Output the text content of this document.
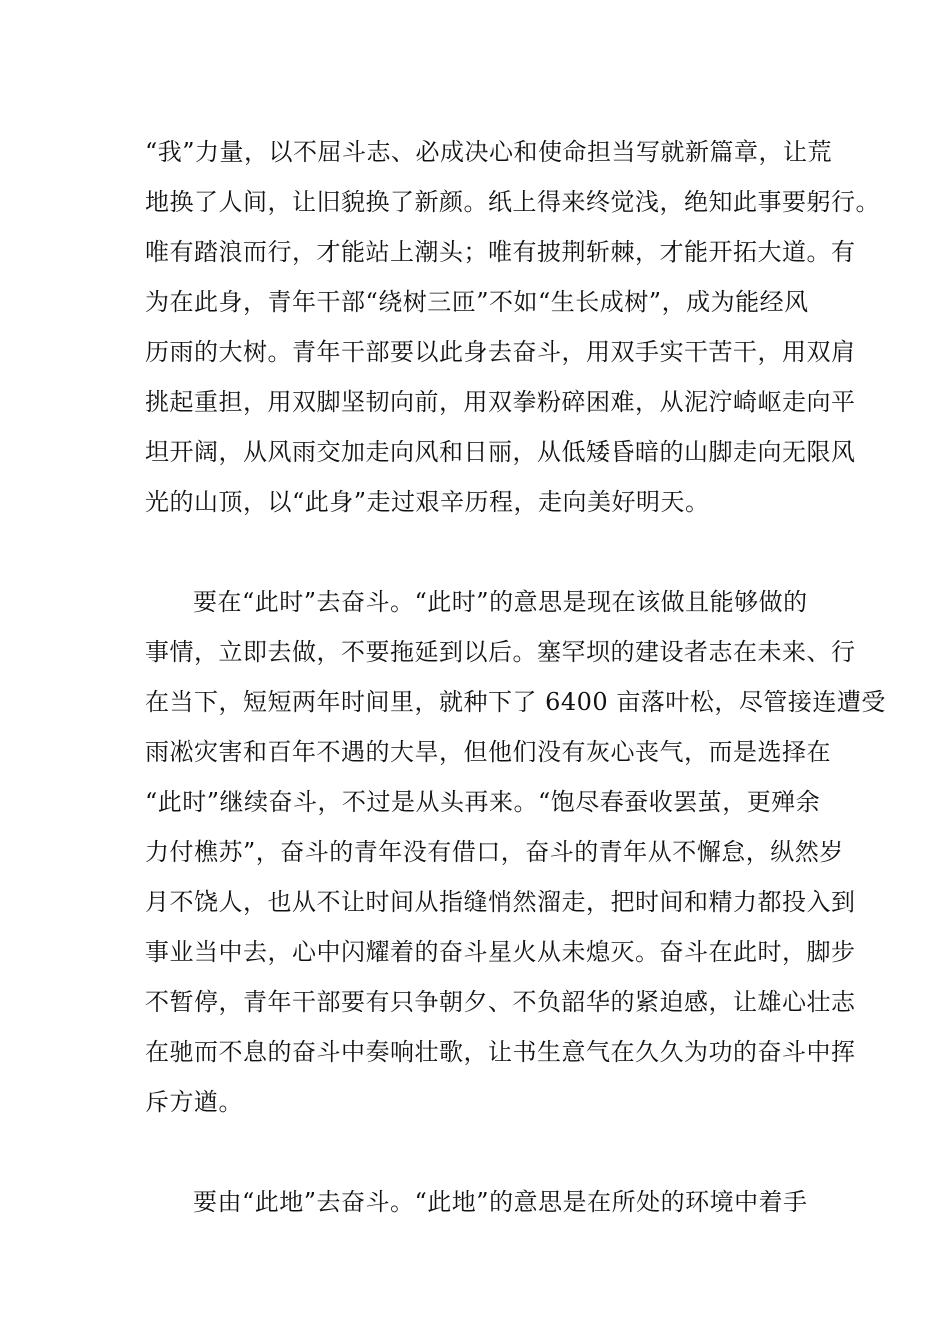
“我”力量，以不屈斗志、必成决心和使命担当写就新篇章，让荒
地换了人间，让旧貌换了新颜。纸上得来终觉浅，绝知此事要躬行。
唯有踏浪而行，才能站上潮头；唯有披荆斩棘，才能开拓大道。有
为在此身，青年干部“绕树三匝”不如“生长成树”，成为能经风
历雨的大树。青年干部要以此身去奋斗，用双手实干苦干，用双肩
挑起重担，用双脚坚韧向前，用双拳粉碎困难，从泥泞崎岖走向平
坦开阔，从风雨交加走向风和日丽，从低矮昏暗的山脚走向无限风
光的山顶，以“此身”走过艰辛历程，走向美好明天。
要在“此时”去奋斗。“此时”的意思是现在该做且能够做的
事情，立即去做，不要拖延到以后。塞罕坝的建设者志在未来、行
在当下，短短两年时间里，就种下了 6400 亩落叶松，尽管接连遭受
雨凇灾害和百年不遇的大旱，但他们没有灰心丧气，而是选择在
“此时”继续奋斗，不过是从头再来。“饱尽春蚕收罢茧，更殚余
力付樵苏”，奋斗的青年没有借口，奋斗的青年从不懈怠，纵然岁
月不饶人，也从不让时间从指缝悄然溜走，把时间和精力都投入到
事业当中去，心中闪耀着的奋斗星火从未熄灭。奋斗在此时，脚步
不暂停，青年干部要有只争朝夕、不负韶华的紧迫感，让雄心壮志
在驰而不息的奋斗中奏响壮歌，让书生意气在久久为功的奋斗中挥
斥方遒。
要由“此地”去奋斗。“此地”的意思是在所处的环境中着手
